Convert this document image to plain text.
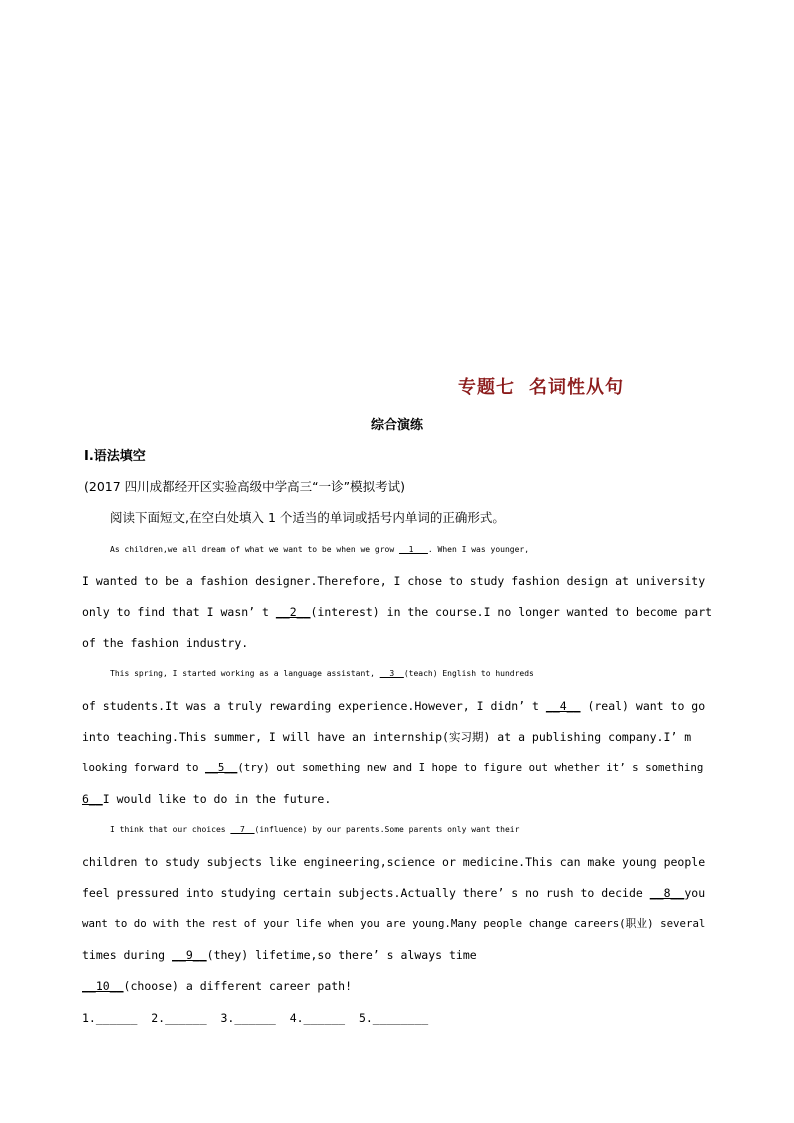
专题七 名词性从句
综合演练
Ⅰ.语法填空
(2017 四川成都经开区实验高级中学高三“一诊”模拟考试)
阅读下面短文,在空白处填入 1 个适当的单词或括号内单词的正确形式。
As children,we all dream of what we want to be when we grow __1___. When I was younger,
I wanted to be a fashion designer.Therefore, I chose to study fashion design at university
only to find that I wasn’ t __2__(interest) in the course.I no longer wanted to become part
of the fashion industry.
This spring, I started working as a language assistant, __3__(teach) English to hundreds
of students.It was a truly rewarding experience.However, I didn’ t __4__ (real) want to go
into teaching.This summer, I will have an internship(实习期) at a publishing company.I’ m
looking forward to __5__(try) out something new and I hope to figure out whether it’ s something
6__I would like to do in the future.
I think that our choices __7__(influence) by our parents.Some parents only want their
children to study subjects like engineering,science or medicine.This can make young people
feel pressured into studying certain subjects.Actually there’ s no rush to decide __8__you
want to do with the rest of your life when you are young.Many people change careers(职业) several
times during __9__(they) lifetime,so there’ s always time
__10__(choose) a different career path!
1.______  2.______  3.______  4.______  5.________
